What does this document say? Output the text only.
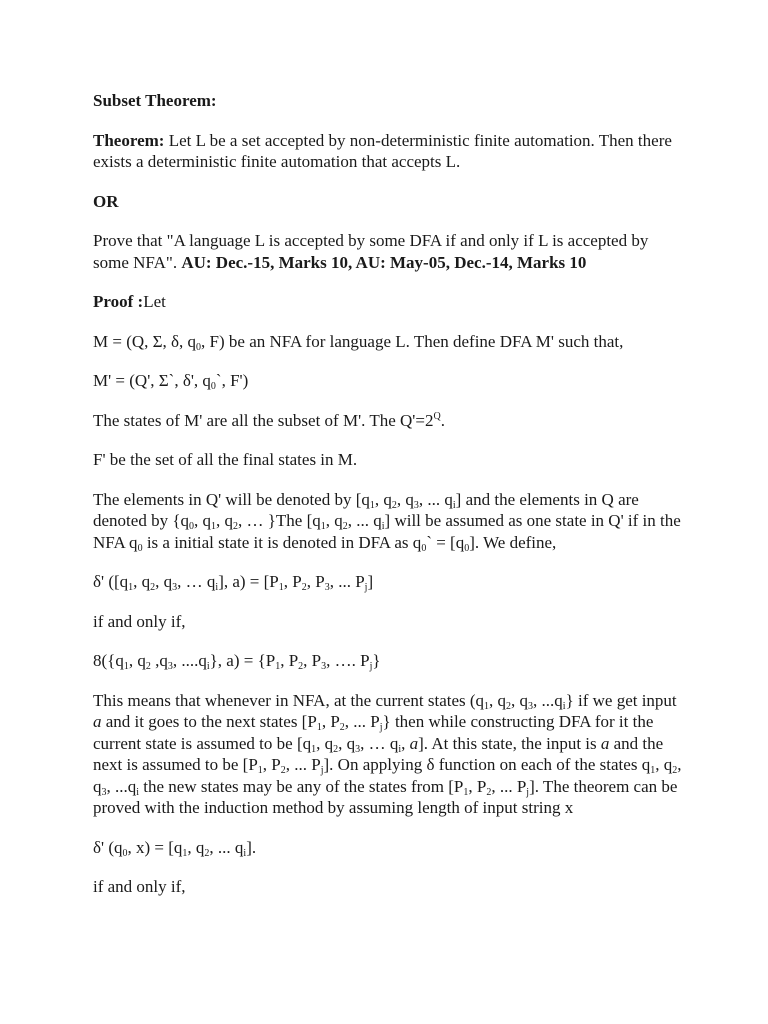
Subset Theorem:

Theorem: Let L be a set accepted by non-deterministic finite automation. Then there exists a deterministic finite automation that accepts L.

OR

Prove that "A language L is accepted by some DFA if and only if L is accepted by some NFA". AU: Dec.-15, Marks 10, AU: May-05, Dec.-14, Marks 10

Proof :Let

M = (Q, Σ, δ, $q_0$, F) be an NFA for language L. Then define DFA M' such that,

M' = (Q', Σ`, δ', $q_0`$, F')

The states of M' are all the subset of M'. The $Q'=2^Q$.

F' be the set of all the final states in M.

The elements in Q' will be denoted by [$q_1$, $q_2$, $q_3$, ... $q_i$] and the elements in Q are denoted by {$q_0$, $q_1$, $q_2$, … }The [$q_1$, $q_2$, ... $q_i$] will be assumed as one state in Q' if in the NFA $q_0$ is a initial state it is denoted in DFA as $q_0` = [q_0]$. We define,

δ' ([$q_1$, $q_2$, $q_3$, … $q_i$], $a) = [P_1$, $P_2$, $P_3$, ... $P_j$]

if and only if,

$8(\{q_1$, $q_2$ $,q_3$, $....q_i$}, $a) = \{P_1$, $P_2$, $P_3$, …. $P_j$}

This means that whenever in NFA, at the current states ($q_1$, $q_2$, $q_3$, $...q_i$} if we get input a and it goes to the next states [$P_1$, $P_2$, ... $P_j$} then while constructing DFA for it the current state is assumed to be [$q_1$, $q_2$, $q_3$, … $q_i$, a]. At this state, the input is a and the next is assumed to be [$P_1$, $P_2$, ... $P_j$]. On applying δ function on each of the states $q_1$, $q_2$, $q_3$, $...q_i$ the new states may be any of the states from [$P_1$, $P_2$, ... $P_j$]. The theorem can be proved with the induction method by assuming length of input string x

δ' ($q_0$, $x) = [q_1$, $q_2$, ... $q_i$].

if and only if,
